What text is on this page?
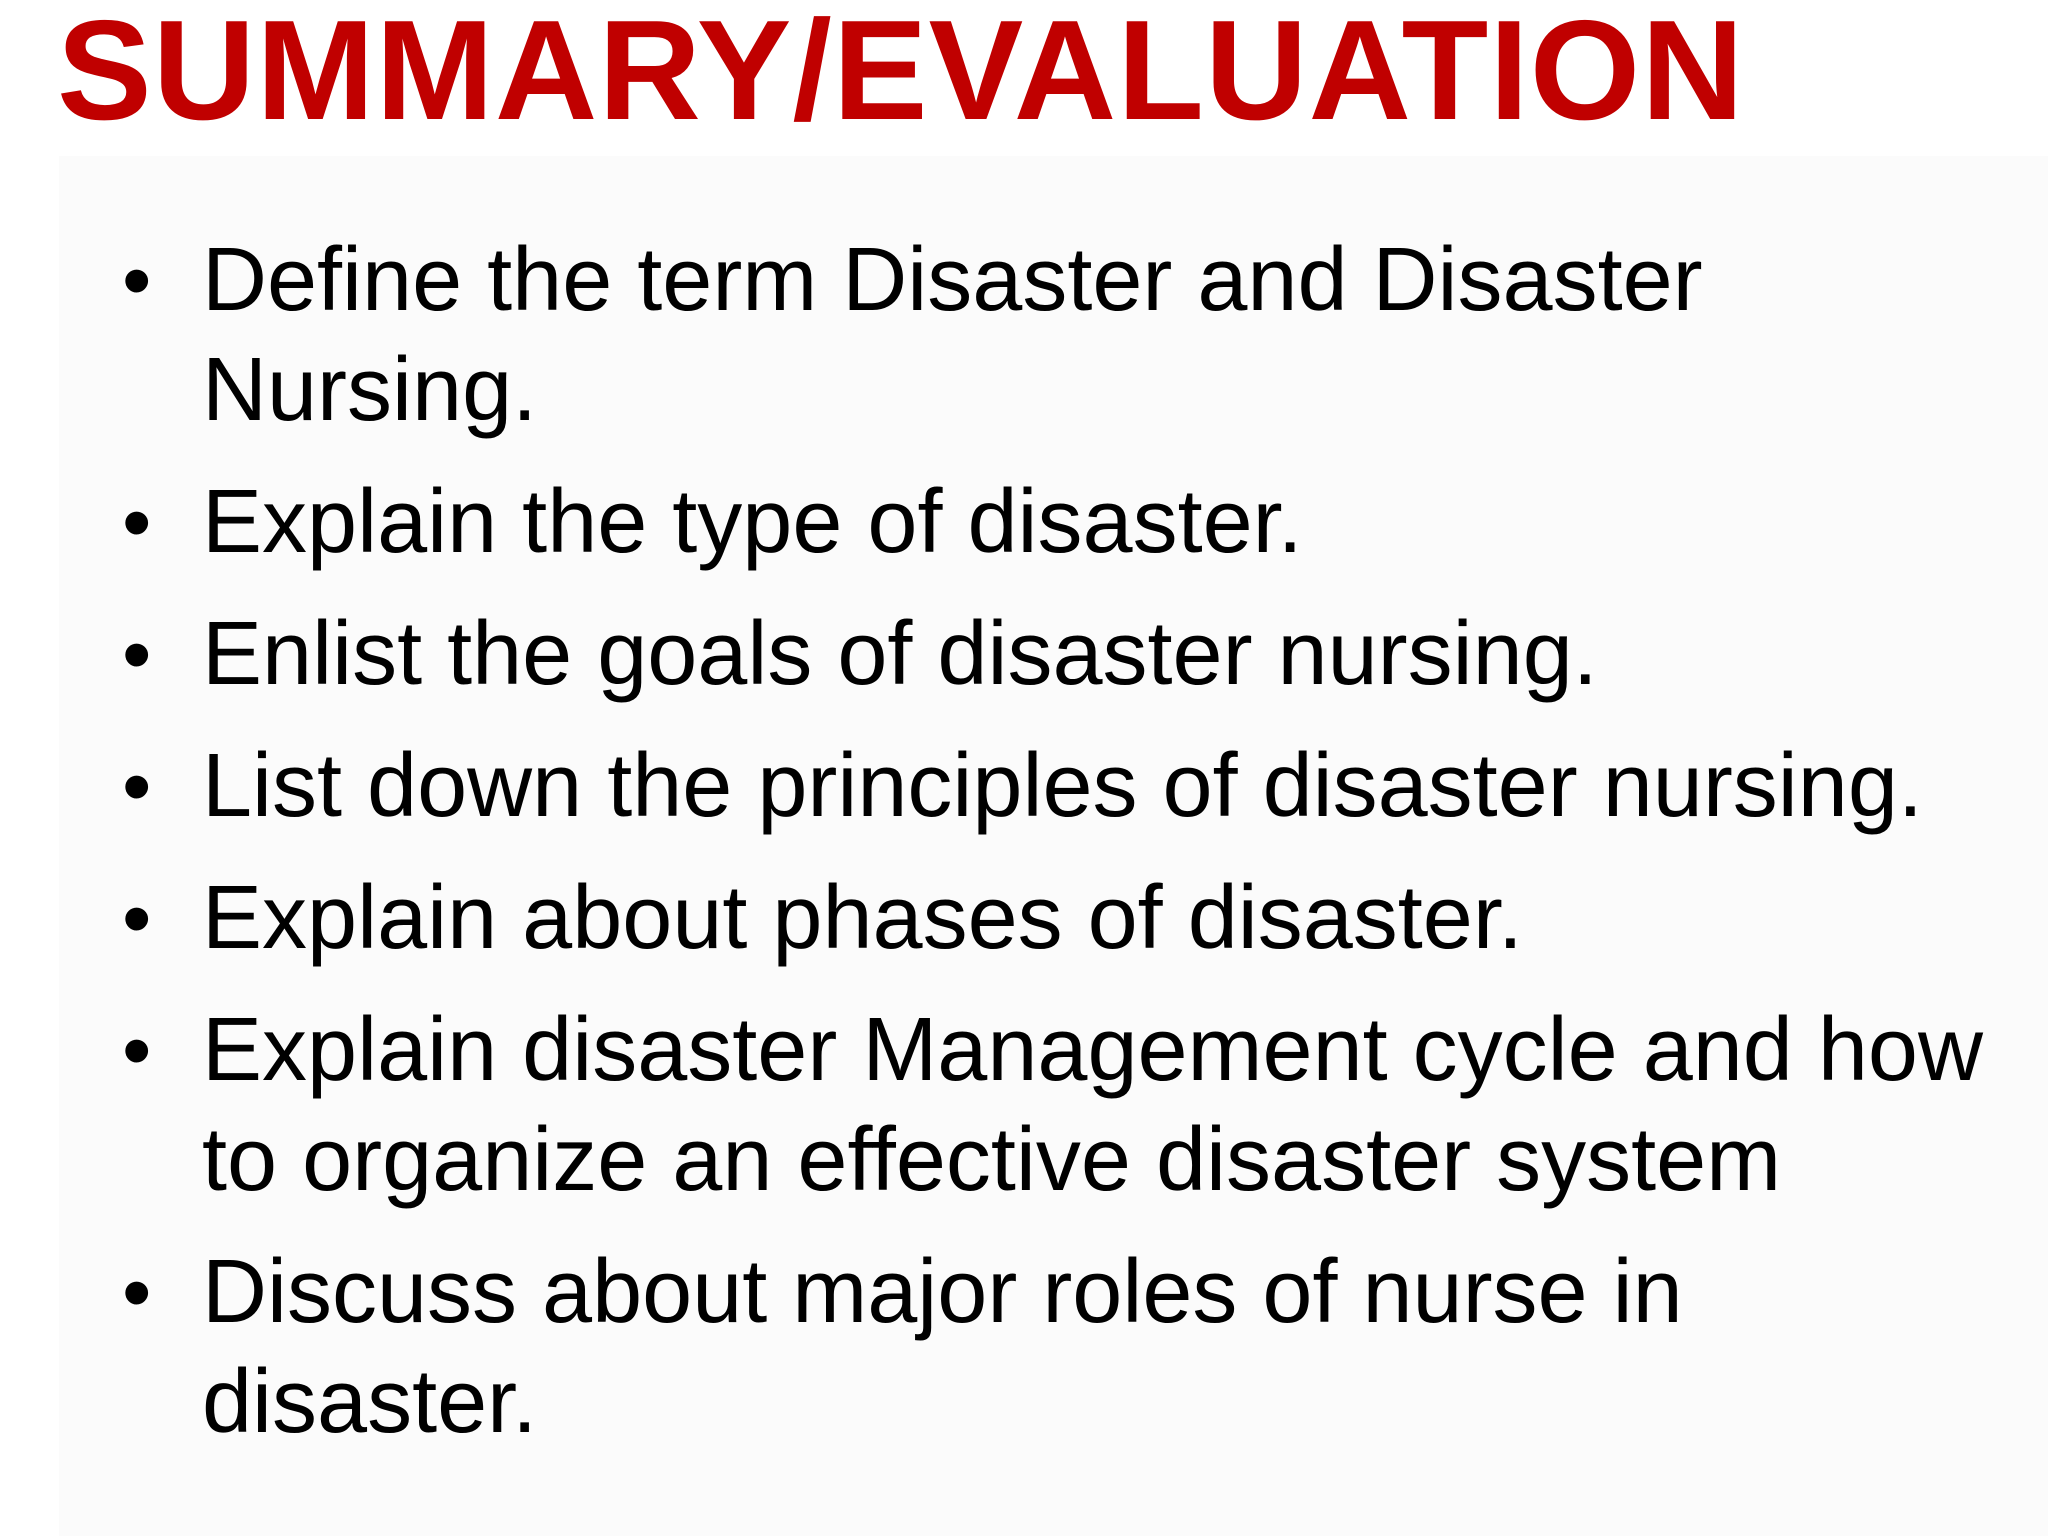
SUMMARY/EVALUATION
• Define the term Disaster and Disaster Nursing.
• Explain the type of disaster.
• Enlist the goals of disaster nursing.
• List down the principles of disaster nursing.
• Explain about phases of disaster.
• Explain disaster Management cycle and how to organize an effective disaster system
• Discuss about major roles of nurse in disaster.
